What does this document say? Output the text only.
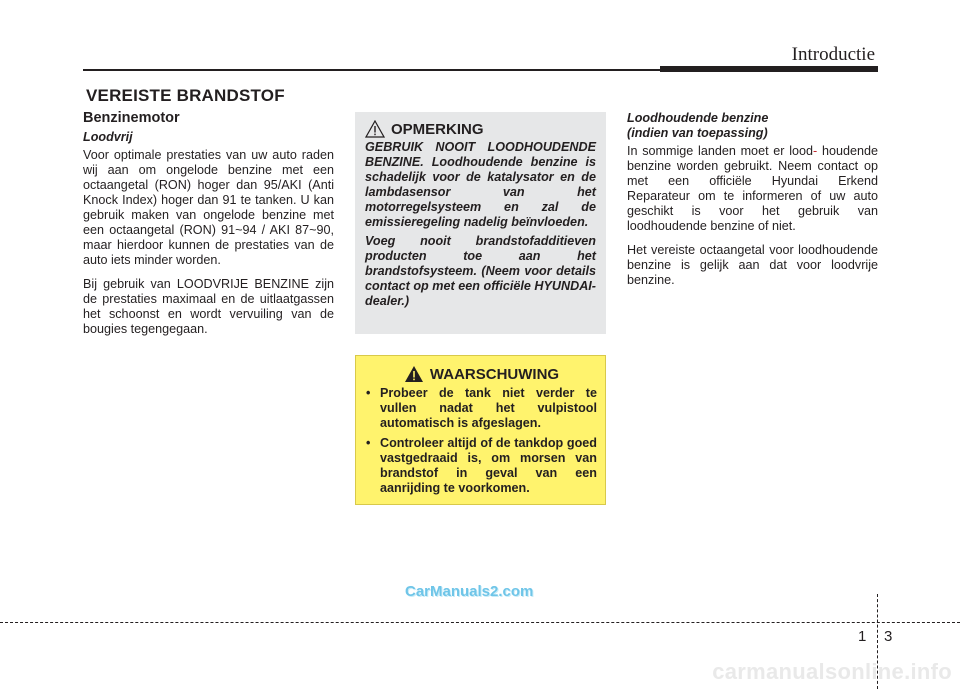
Introductie
VEREISTE BRANDSTOF
Benzinemotor
Loodvrij

Voor optimale prestaties van uw auto raden wij aan om ongelode benzine met een octaangetal (RON) hoger dan 95/AKI (Anti Knock Index) hoger dan 91 te tanken. U kan gebruik maken van ongelode benzine met een octaangetal (RON) 91~94 / AKI 87~90, maar hierdoor kunnen de prestaties van de auto iets minder worden.

Bij gebruik van LOODVRIJE BENZINE zijn de prestaties maximaal en de uitlaatgassen het schoonst en wordt vervuiling van de bougies tegengegaan.

OPMERKING

GEBRUIK NOOIT LOODHOUDENDE BENZINE. Loodhoudende benzine is schadelijk voor de katalysator en de lambdasensor van het motorregelsysteem en zal de emissieregeling nadelig beïnvloeden.

Voeg nooit brandstofadditieven producten toe aan het brandstofsysteem. (Neem voor details contact op met een officiële HYUNDAI-dealer.)

WAARSCHUWING
• Probeer de tank niet verder te vullen nadat het vulpistool automatisch is afgeslagen.
• Controleer altijd of de tankdop goed vastgedraaid is, om morsen van brandstof in geval van een aanrijding te voorkomen.
Loodhoudende benzine
(indien van toepassing)

In sommige landen moet er lood- houdende benzine worden gebruikt. Neem contact op met een officiële Hyundai Erkend Reparateur om te informeren of uw auto geschikt is voor het gebruik van loodhoudende benzine of niet.

Het vereiste octaangetal voor loodhoudende benzine is gelijk aan dat voor loodvrije benzine.

CarManuals2.com
1 3
carmanualsonline.info
